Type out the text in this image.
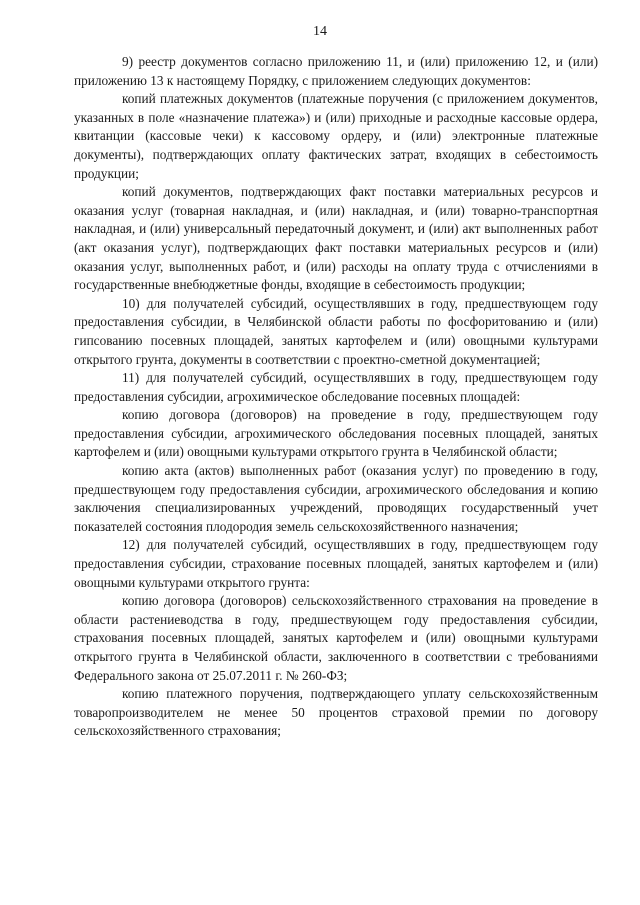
14

9) реестр документов согласно приложению 11, и (или) приложению 12, и (или) приложению 13 к настоящему Порядку, с приложением следующих документов:

копий платежных документов (платежные поручения (с приложением документов, указанных в поле «назначение платежа») и (или) приходные и расходные кассовые ордера, квитанции (кассовые чеки) к кассовому ордеру, и (или) электронные платежные документы), подтверждающих оплату фактических затрат, входящих в себестоимость продукции;

копий документов, подтверждающих факт поставки материальных ресурсов и оказания услуг (товарная накладная, и (или) накладная, и (или) товарно-транспортная накладная, и (или) универсальный передаточный документ, и (или) акт выполненных работ (акт оказания услуг), подтверждающих факт поставки материальных ресурсов и (или) оказания услуг, выполненных работ, и (или) расходы на оплату труда с отчислениями в государственные внебюджетные фонды, входящие в себестоимость продукции;

10) для получателей субсидий, осуществлявших в году, предшествующем году предоставления субсидии, в Челябинской области работы по фосфоритованию и (или) гипсованию посевных площадей, занятых картофелем и (или) овощными культурами открытого грунта, документы в соответствии с проектно-сметной документацией;

11) для получателей субсидий, осуществлявших в году, предшествующем году предоставления субсидии, агрохимическое обследование посевных площадей:

копию договора (договоров) на проведение в году, предшествующем году предоставления субсидии, агрохимического обследования посевных площадей, занятых картофелем и (или) овощными культурами открытого грунта в Челябинской области;

копию акта (актов) выполненных работ (оказания услуг) по проведению в году, предшествующем году предоставления субсидии, агрохимического обследования и копию заключения специализированных учреждений, проводящих государственный учет показателей состояния плодородия земель сельскохозяйственного назначения;

12) для получателей субсидий, осуществлявших в году, предшествующем году предоставления субсидии, страхование посевных площадей, занятых картофелем и (или) овощными культурами открытого грунта:

копию договора (договоров) сельскохозяйственного страхования на проведение в области растениеводства в году, предшествующем году предоставления субсидии, страхования посевных площадей, занятых картофелем и (или) овощными культурами открытого грунта в Челябинской области, заключенного в соответствии с требованиями Федерального закона от 25.07.2011 г. № 260-ФЗ;

копию платежного поручения, подтверждающего уплату сельскохозяйственным товаропроизводителем не менее 50 процентов страховой премии по договору сельскохозяйственного страхования;
